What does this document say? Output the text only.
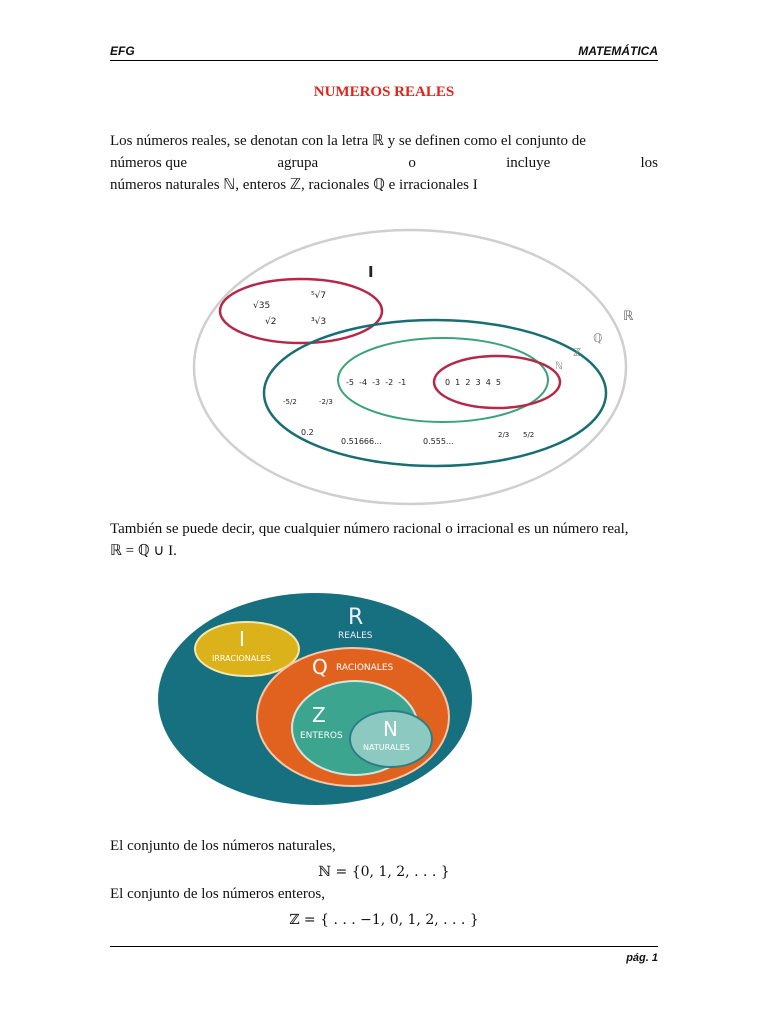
EFG	MATEMÁTICA
NUMEROS REALES
Los números reales, se denotan con la letra ℝ y se definen como el conjunto de
números que	agrupa	o	incluye	los
números naturales ℕ, enteros ℤ, racionales ℚ e irracionales I
I
ℝ
ℚ
ℤ
ℕ
√35
⁵√7
√2	³√3
-5  -4  -3  -2  -1	0  1  2  3  4  5
-5/2	-2/3
2/3 5/2
0.2
0.51666...	0.555...
También se puede decir, que cualquier número racional o irracional es un número real,
ℝ = ℚ ∪ I.
R
REALES
I
IRRACIONALES Q RACIONALES
Z
ENTEROS N
NATURALES
El conjunto de los números naturales,
ℕ = {0, 1, 2, . . . }
El conjunto de los números enteros,
ℤ = { . . . −1, 0, 1, 2, . . . }
pág. 1
